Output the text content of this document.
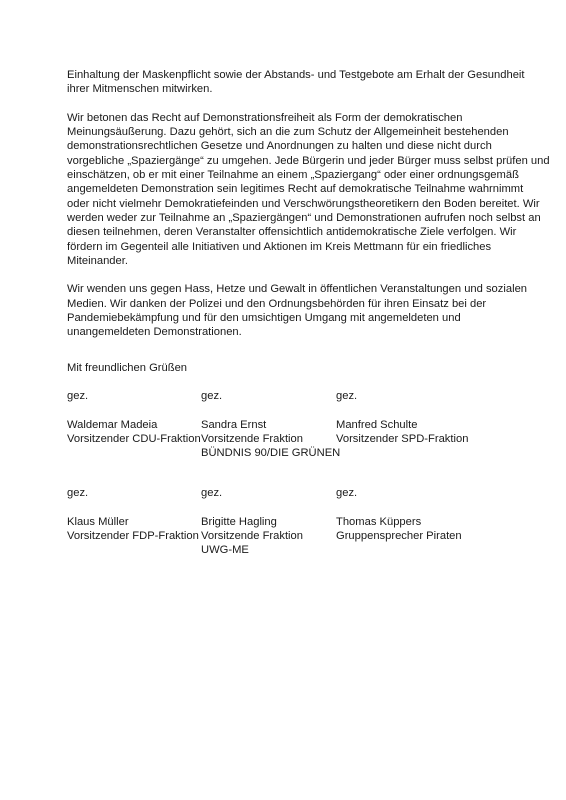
Einhaltung der Maskenpflicht sowie der Abstands- und Testgebote am Erhalt der Gesundheit
ihrer Mitmenschen mitwirken.

Wir betonen das Recht auf Demonstrationsfreiheit als Form der demokratischen
Meinungsäußerung. Dazu gehört, sich an die zum Schutz der Allgemeinheit bestehenden
demonstrationsrechtlichen Gesetze und Anordnungen zu halten und diese nicht durch
vorgebliche „Spaziergänge“ zu umgehen. Jede Bürgerin und jeder Bürger muss selbst prüfen und
einschätzen, ob er mit einer Teilnahme an einem „Spaziergang“ oder einer ordnungsgemäß
angemeldeten Demonstration sein legitimes Recht auf demokratische Teilnahme wahrnimmt
oder nicht vielmehr Demokratiefeinden und Verschwörungstheoretikern den Boden bereitet. Wir
werden weder zur Teilnahme an „Spaziergängen“ und Demonstrationen aufrufen noch selbst an
diesen teilnehmen, deren Veranstalter offensichtlich antidemokratische Ziele verfolgen. Wir
fördern im Gegenteil alle Initiativen und Aktionen im Kreis Mettmann für ein friedliches
Miteinander.

Wir wenden uns gegen Hass, Hetze und Gewalt in öffentlichen Veranstaltungen und sozialen
Medien. Wir danken der Polizei und den Ordnungsbehörden für ihren Einsatz bei der
Pandemiebekämpfung und für den umsichtigen Umgang mit angemeldeten und
unangemeldeten Demonstrationen.

Mit freundlichen Grüßen
gez.
Waldemar Madeia
Vorsitzender CDU-Fraktion
gez.
Sandra Ernst
Vorsitzende Fraktion
BÜNDNIS 90/DIE GRÜNEN
gez.
Manfred Schulte
Vorsitzender SPD-Fraktion
gez.
Klaus Müller
Vorsitzender FDP-Fraktion
gez.
Brigitte Hagling
Vorsitzende Fraktion
UWG-ME
gez.
Thomas Küppers
Gruppensprecher Piraten
